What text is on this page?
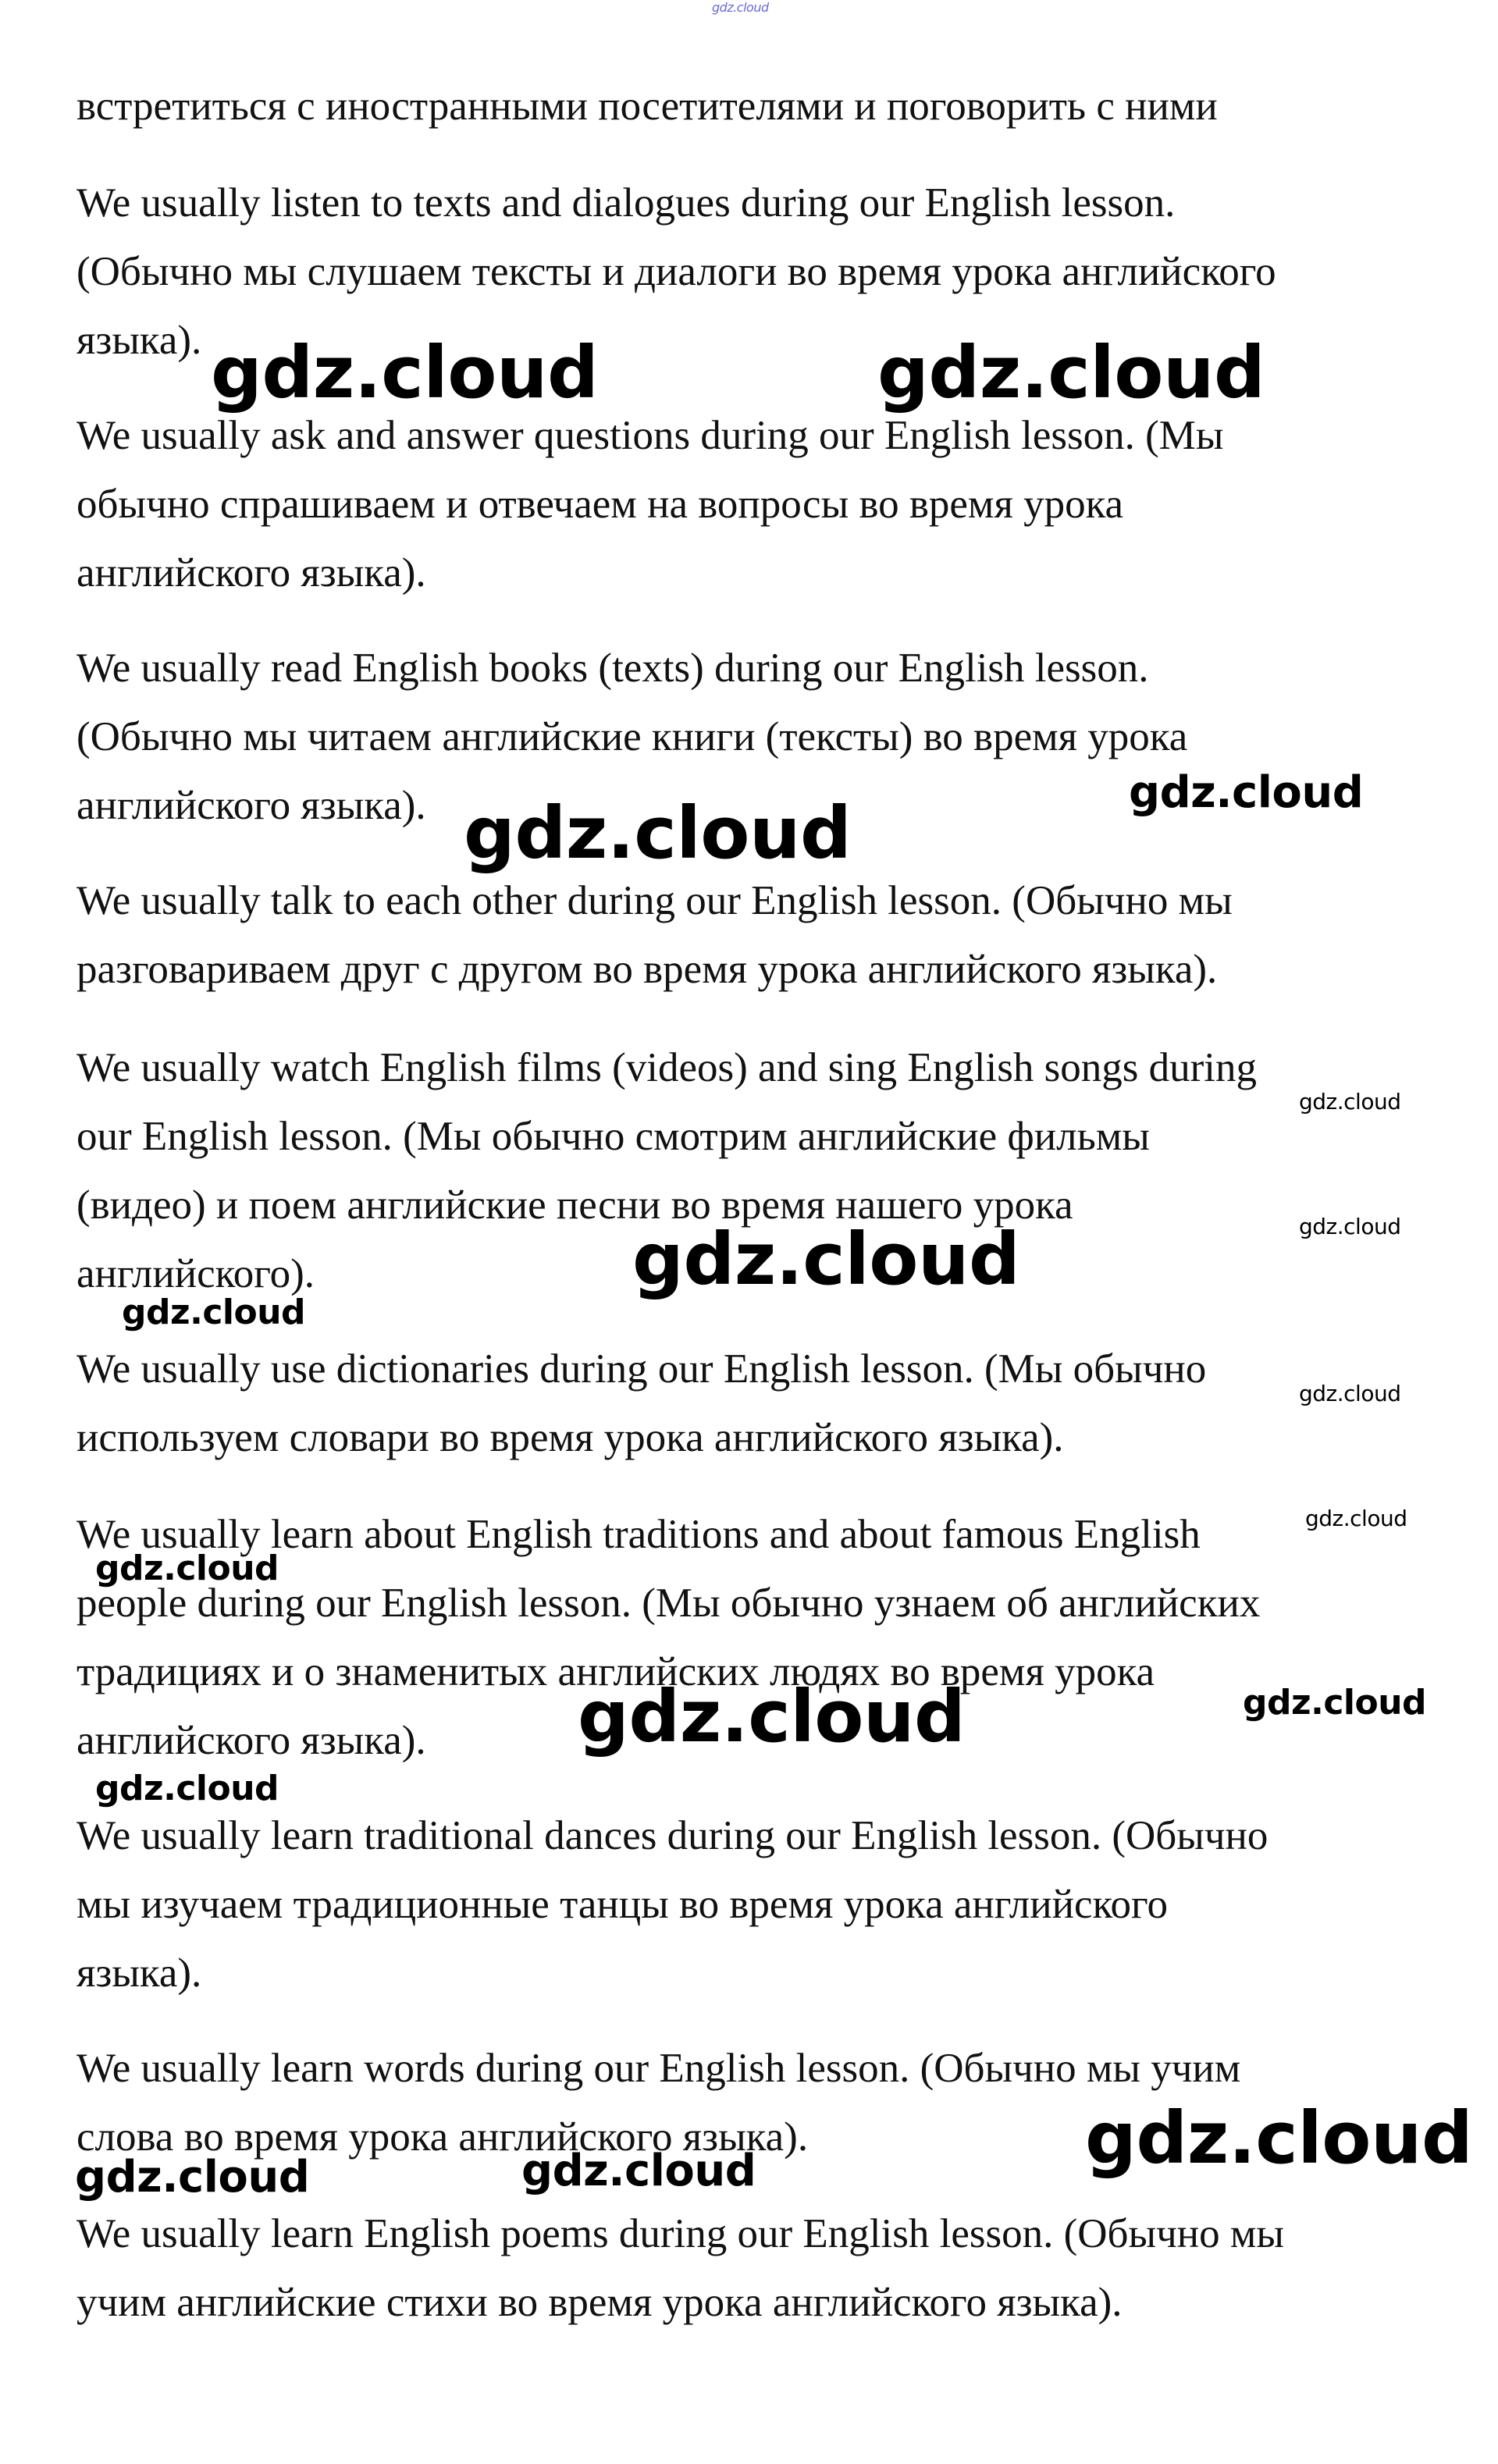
gdz.cloud

встретиться с иностранными посетителями и поговорить с ними

We usually listen to texts and dialogues during our English lesson.
(Обычно мы слушаем тексты и диалоги во время урока английского
языка).

We usually ask and answer questions during our English lesson. (Мы
обычно спрашиваем и отвечаем на вопросы во время урока
английского языка).

We usually read English books (texts) during our English lesson.
(Обычно мы читаем английские книги (тексты) во время урока
английского языка).

We usually talk to each other during our English lesson. (Обычно мы
разговариваем друг с другом во время урока английского языка).

We usually watch English films (videos) and sing English songs during
our English lesson. (Мы обычно смотрим английские фильмы
(видео) и поем английские песни во время нашего урока
английского).

We usually use dictionaries during our English lesson. (Мы обычно
используем словари во время урока английского языка).

We usually learn about English traditions and about famous English
people during our English lesson. (Мы обычно узнаем об английских
традициях и о знаменитых английских людях во время урока
английского языка).

We usually learn traditional dances during our English lesson. (Обычно
мы изучаем традиционные танцы во время урока английского
языка).

We usually learn words during our English lesson. (Обычно мы учим
слова во время урока английского языка).

We usually learn English poems during our English lesson. (Обычно мы
учим английские стихи во время урока английского языка).

gdz.cloud	gdz.cloud
gdz.cloud
gdz.cloud
gdz.cloud
gdz.cloud
gdz.cloud
gdz.cloud
gdz.cloud
gdz.cloud
gdz.cloud
gdz.cloud
gdz.cloud
gdz.cloud
gdz.cloud
gdz.cloud
gdz.cloud
